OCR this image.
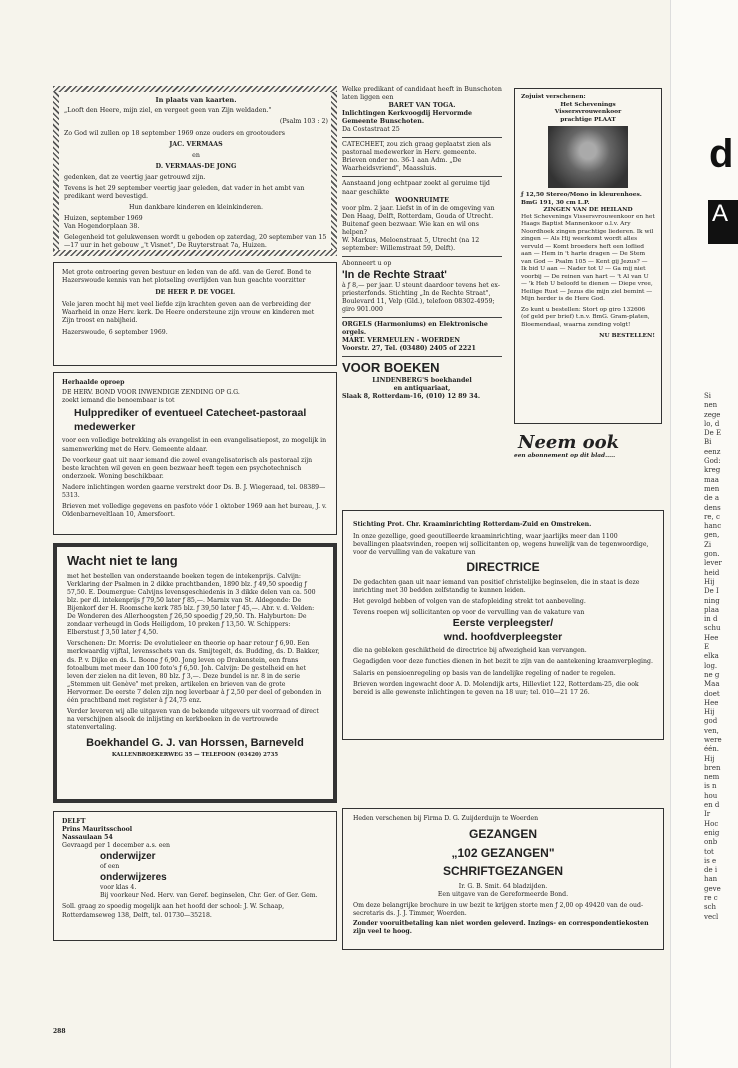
In plaats van kaarten.

„Looft den Heere, mijn ziel, en vergeet geen van Zijn weldaden."

(Psalm 103 : 2)

Zo God wil zullen op 18 september 1969 onze ouders en grootouders

JAC. VERMAAS

en

D. VERMAAS-DE JONG

gedenken, dat ze veertig jaar getrouwd zijn.

Tevens is het 29 september veertig jaar geleden, dat vader in het ambt van predikant werd bevestigd.

Hun dankbare kinderen en kleinkinderen.

Huizen, september 1969

Van Hogendorplaan 38.

Gelegenheid tot gelukwensen wordt u geboden op zaterdag, 20 september van 15—17 uur in het gebouw „'t Visnet", De Ruyterstraat 7a, Huizen.

Met grote ontroering geven bestuur en leden van de afd. van de Geref. Bond te Hazerswoude kennis van het plotseling overlijden van hun geachte voorzitter

DE HEER P. DE VOGEL

Vele jaren mocht hij met veel liefde zijn krachten geven aan de verbreiding der Waarheid in onze Herv. kerk. De Heere ondersteune zijn vrouw en kinderen met Zijn troost en nabijheid.

Hazerswoude, 6 september 1969.

Herhaalde oproep

DE HERV. BOND VOOR INWENDIGE ZENDING OP G.G.

zoekt iemand die benoembaar is tot

Hulpprediker of eventueel Catecheet-pastoraal medewerker

voor een volledige betrekking als evangelist in een evangelisatiepost, zo mogelijk in samenwerking met de Herv. Gemeente aldaar.

De voorkeur gaat uit naar iemand die zowel evangelisatorisch als pastoraal zijn beste krachten wil geven en geen bezwaar heeft tegen een psychotechnisch onderzoek. Woning beschikbaar.

Nadere inlichtingen worden gaarne verstrekt door Ds. B. J. Wiegeraad, tel. 08389—5313.

Brieven met volledige gegevens en pasfoto vóór 1 oktober 1969 aan het bureau, J. v. Oldenbarneveltlaan 10, Amersfoort.

Wacht niet te lang

met het bestellen van onderstaande boeken tegen de intekenprijs. Calvijn: Verklaring der Psalmen in 2 dikke prachtbanden, 1890 blz. ƒ 49,50 spoedig ƒ 57,50. E. Doumergue: Calvijns levensgeschiedenis in 3 dikke delen van ca. 500 blz. per dl. intekenprijs ƒ 79,50 later ƒ 85,—. Marnix van St. Aldegonde: De Bijenkorf der H. Roomsche kerk 785 blz. ƒ 39,50 later ƒ 45,—. Abr. v. d. Velden: De Wonderen des Allerhoogsten ƒ 26,50 spoedig ƒ 29,50. Th. Halyburton: De zondaar verheugd in Gods Heiligdom, 10 preken ƒ 13,50. W. Schippers: Elberstust ƒ 3,50 later ƒ 4,50.

Verschenen: Dr. Morris: De evolutieleer en theorie op haar retour ƒ 6,90. Een merkwaardig vijftal, levensschets van ds. Smijtegelt, ds. Budding, ds. D. Bakker, ds. P. v. Dijke en ds. L. Boone ƒ 6,90. Jong leven op Drakenstein, een frans fotoalbum met meer dan 100 foto's ƒ 6,50. Joh. Calvijn: De gestelheid en het leven der zielen na dit leven, 80 blz. ƒ 3,—. Deze bundel is nr. 8 in de serie „Stemmen uit Genève" met preken, artikelen en brieven van de grote Hervormer. De eerste 7 delen zijn nog leverbaar à ƒ 2,50 per deel of gebonden in één prachtband met register à ƒ 24,75 enz.

Verder leveren wij alle uitgaven van de bekende uitgevers uit voorraad of direct na verschijnen alsook de inlijsting en kerkboeken in de vertrouwde statenvertaling.

Boekhandel G. J. van Horssen, Barneveld

KALLENBROEKERWEG 35 — TELEFOON (03420) 2735

DELFT

Prins Mauritsschool

Nassaulaan 54

Gevraagd per 1 december a.s. een

onderwijzer

of een

onderwijzeres

voor klas 4.

Bij voorkeur Ned. Herv. van Geref. beginselen, Chr. Ger. of Ger. Gem.

Soll. graag zo spoedig mogelijk aan het hoofd der school: J. W. Schaap, Rotterdamseweg 138, Delft, tel. 01730—35218.

288

Welke predikant of candidaat heeft in Bunschoten laten liggen een

BARET VAN TOGA.

Inlichtingen Kerkvoogdij Hervormde Gemeente Bunschoten.

Da Costastraat 25

CATECHEET, zou zich graag geplaatst zien als pastoraal medewerker in Herv. gemeente.

Brieven onder no. 36-1 aan Adm. „De Waarheidsvriend", Maassluis.

Aanstaand jong echtpaar zoekt al geruime tijd naar geschikte

WOONRUIMTE

voor plm. 2 jaar. Liefst in of in de omgeving van Den Haag, Delft, Rotterdam, Gouda of Utrecht. Buitenaf geen bezwaar. Wie kan en wil ons helpen?

W. Markus, Meloenstraat 5, Utrecht (na 12 september: Willemstraat 59, Delft).

Abonneert u op

'In de Rechte Straat'

à ƒ 8,— per jaar. U steunt daardoor tevens het ex-priesterfonds. Stichting „In de Rechte Straat", Boulevard 11, Velp (Gld.), telefoon 08302-4959; giro 901.000

ORGELS (Harmoniums) en Elektronische orgels.

MART. VERMEULEN - WOERDEN

Voorstr. 27, Tel. (03480) 2405 of 2221

VOOR BOEKEN

LINDENBERG'S boekhandel

en antiquariaat,

Slaak 8, Rotterdam-16, (010) 12 89 34.

Zojuist verschenen:

Het Schevenings

Vissersvrouwenkoor

prachtige PLAAT

ƒ 12,50 Stereo/Mono in kleurenhoes. BmG 191, 30 cm L.P.

ZINGEN VAN DE HEILAND

Het Schevenings Vissersvrouwenkoor en het Haags Baptist Mannenkoor o.l.v. Ary Noordhoek zingen prachtige liederen. Ik wil zingen — Als Hij weerkomt wordt alles vervuld — Komt broeders heft een loflied aan — Hem in 't harte dragen — De Stem van God — Psalm 105 — Kent gij Jezus? — Ik bid U aan — Nader tot U — Ga mij niet voorbij — De reinen van hart — 't Al van U — 'k Heb U beloofd te dienen — Diepe vree, Heilige Rust — Jezus die mijn ziel bemint — Mijn herder is de Here God.

Zo kunt u bestellen: Stort op giro 132606 (of geld per brief) t.n.v. BmG. Gram-platen, Bloemendaal, waarna zending volgt!

NU BESTELLEN!

Neem ook
een abonnement op dit blad.....

Stichting Prot. Chr. Kraaminrichting Rotterdam-Zuid en Omstreken.

In onze gezellige, goed geoutilleerde kraaminrichting, waar jaarlijks meer dan 1100 bevallingen plaatsvinden, roepen wij sollicitanten op, wegens huwelijk van de tegenwoordige, voor de vervulling van de vakature van

DIRECTRICE

De gedachten gaan uit naar iemand van positief christelijke beginselen, die in staat is deze inrichting met 30 bedden zelfstandig te kunnen leiden.

Het gevolgd hebben of volgen van de stafopleiding strekt tot aanbeveling.

Tevens roepen wij sollicitanten op voor de vervulling van de vakature van

Eerste verpleegster/

wnd. hoofdverpleegster

die na gebleken geschiktheid de directrice bij afwezigheid kan vervangen.

Gegadigden voor deze functies dienen in het bezit te zijn van de aantekening kraamverpleging.

Salaris en pensioenregeling op basis van de landelijke regeling of nader te regelen.

Brieven worden ingewacht door A. D. Molendijk arts, Hillevliet 122, Rotterdam-25, die ook bereid is alle gewenste inlichtingen te geven na 18 uur; tel. 010—21 17 26.

Heden verschenen bij Firma D. G. Zuijderduijn te Woerden

GEZANGEN

„102 GEZANGEN"

SCHRIFTGEZANGEN

Ir. G. B. Smit. 64 bladzijden.

Een uitgave van de Gereformeerde Bond.

Om deze belangrijke brochure in uw bezit te krijgen storte men ƒ 2,00 op 49420 van de oud-secretaris ds. J. J. Timmer, Woerden.

Zonder vooruitbetaling kan niet worden geleverd. Inzings- en correspondentiekosten zijn veel te hoog.

d
A
Si
nen
zege
lo, d
De E
Bi
eenz
God:
kreg
maa
men
de a
dens
re, c
hanc
gen,
Zi
gon.
lever
heid
Hij
De I
ning
plaa
in d
schu
Hee
E
elka
log.
ne g
Maa
doet
Hee
Hij
god
ven,
were
één.
Hij
bren
nem
is n
hou
en d
Ir
Hoc
enig
onb
tot
is e
de i
han
geve
re c
sch
vecl
